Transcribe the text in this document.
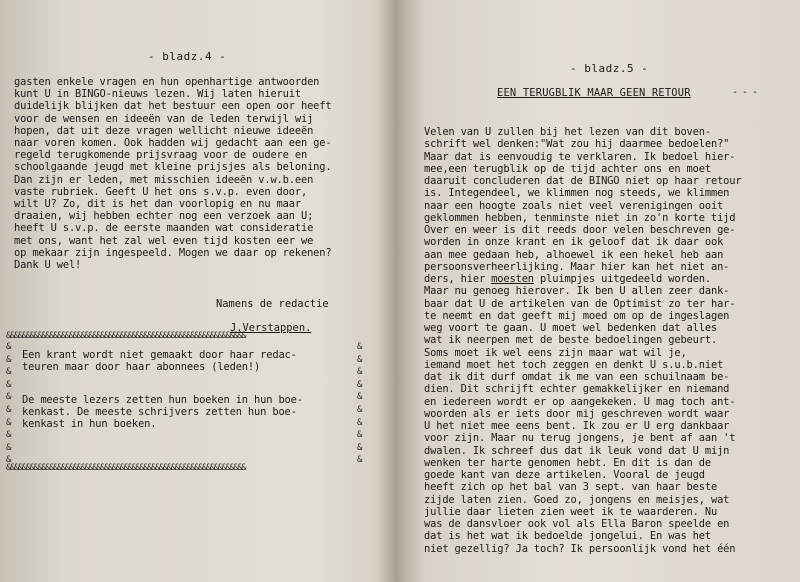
- bladz.4 -
gasten enkele vragen en hun openhartige antwoorden
kunt U in BINGO-nieuws lezen. Wij laten hieruit
duidelijk blijken dat het bestuur een open oor heeft
voor de wensen en ideeën van de leden terwijl wij
hopen, dat uit deze vragen wellicht nieuwe ideeën
naar voren komen. Ook hadden wij gedacht aan een ge-
regeld terugkomende prijsvraag voor de oudere en
schoolgaande jeugd met kleine prijsjes als beloning.
Dan zijn er leden, met misschien ideeën v.w.b.een
vaste rubriek. Geeft U het ons s.v.p. even door,
wilt U? Zo, dit is het dan voorlopig en nu maar
draaien, wij hebben echter nog een verzoek aan U;
heeft U s.v.p. de eerste maanden wat consideratie
met ons, want het zal wel even tijd kosten eer we
op mekaar zijn ingespeeld. Mogen we daar op rekenen?
Dank U wel!
Namens de redactie
J.Verstappen.
&&&&&&&&&&&&&&&&&&&&&&&&&&&&&&&&&&&&&&&&&&&&&&&&&&&&&&&&&&&&&
&
&
&
&
&
&
&
&
&
&
&
&
&
&
&
&
&
&
&
&
&&&&&&&&&&&&&&&&&&&&&&&&&&&&&&&&&&&&&&&&&&&&&&&&&&&&&&&&&&&&&
Een krant wordt niet gemaakt door haar redac-
teuren maar door haar abonnees (leden!)
De meeste lezers zetten hun boeken in hun boe-
kenkast. De meeste schrijvers zetten hun boe-
kenkast in hun boeken.
- bladz.5 -
EEN TERUGBLIK MAAR GEEN RETOUR	- - -
Velen van U zullen bij het lezen van dit boven-
schrift wel denken:"Wat zou hij daarmee bedoelen?"
Maar dat is eenvoudig te verklaren. Ik bedoel hier-
mee,een terugblik op de tijd achter ons en moet
daaruit concluderen dat de BINGO niet op haar retour
is. Integendeel, we klimmen nog steeds, we klimmen
naar een hoogte zoals niet veel verenigingen ooit
geklommen hebben, tenminste niet in zo'n korte tijd
Over en weer is dit reeds door velen beschreven ge-
worden in onze krant en ik geloof dat ik daar ook
aan mee gedaan heb, alhoewel ik een hekel heb aan
persoonsverheerlijking. Maar hier kan het niet an-
ders, hier moesten pluimpjes uitgedeeld worden.
Maar nu genoeg hierover. Ik ben U allen zeer dank-
baar dat U de artikelen van de Optimist zo ter har-
te neemt en dat geeft mij moed om op de ingeslagen
weg voort te gaan. U moet wel bedenken dat alles
wat ik neerpen met de beste bedoelingen gebeurt.
Soms moet ik wel eens zijn maar wat wil je,
iemand moet het toch zeggen en denkt U s.u.b.niet
dat ik dit durf omdat ik me van een schuilnaam be-
dien. Dit schrijft echter gemakkelijker en niemand
en iedereen wordt er op aangekeken. U mag toch ant-
woorden als er iets door mij geschreven wordt waar
U het niet mee eens bent. Ik zou er U erg dankbaar
voor zijn. Maar nu terug jongens, je bent af aan 't
dwalen. Ik schreef dus dat ik leuk vond dat U mijn
wenken ter harte genomen hebt. En dit is dan de
goede kant van deze artikelen. Vooral de jeugd
heeft zich op het bal van 3 sept. van haar beste
zijde laten zien. Goed zo, jongens en meisjes, wat
jullie daar lieten zien weet ik te waarderen. Nu
was de dansvloer ook vol als Ella Baron speelde en
dat is het wat ik bedoelde jongelui. En was het
niet gezellig? Ja toch? Ik persoonlijk vond het één
